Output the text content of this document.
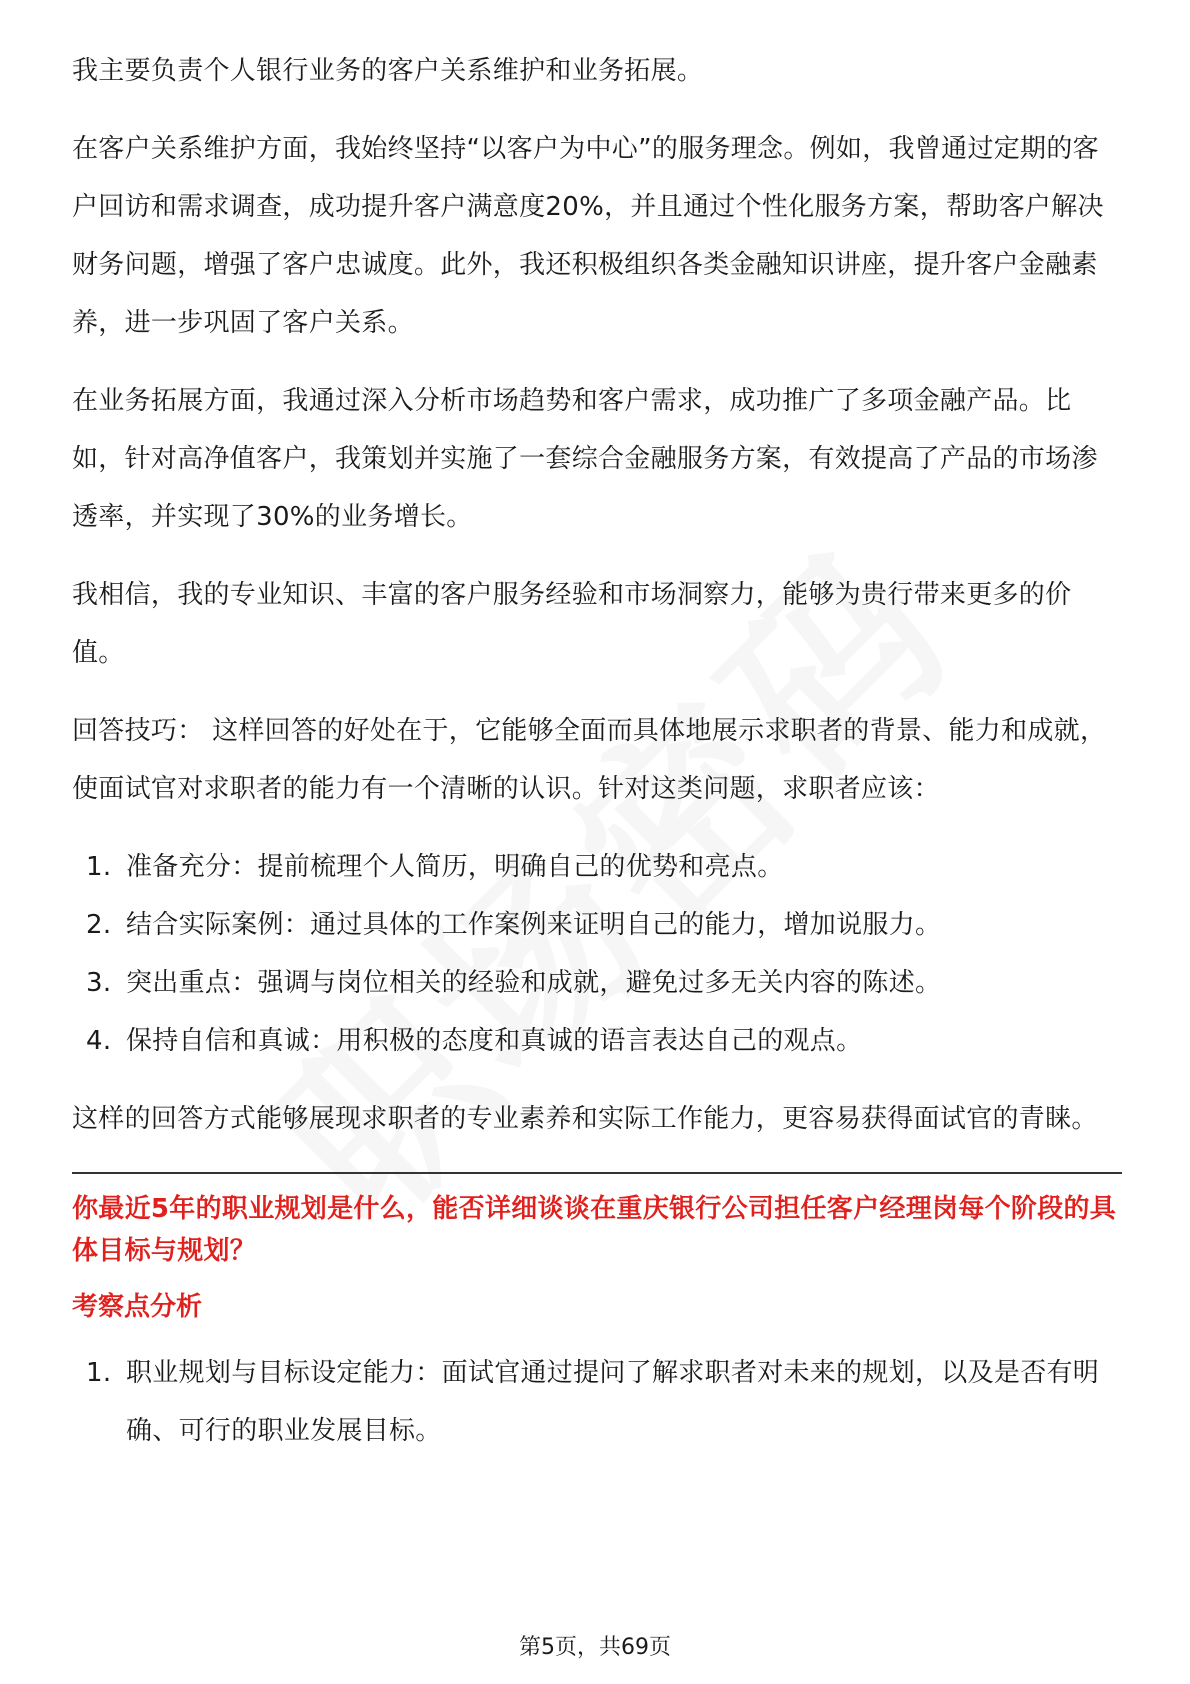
我主要负责个人银行业务的客户关系维护和业务拓展。

在客户关系维护方面，我始终坚持“以客户为中心”的服务理念。例如，我曾通过定期的客户回访和需求调查，成功提升客户满意度20%，并且通过个性化服务方案，帮助客户解决财务问题，增强了客户忠诚度。此外，我还积极组织各类金融知识讲座，提升客户金融素养，进一步巩固了客户关系。

在业务拓展方面，我通过深入分析市场趋势和客户需求，成功推广了多项金融产品。比如，针对高净值客户，我策划并实施了一套综合金融服务方案，有效提高了产品的市场渗透率，并实现了30%的业务增长。

我相信，我的专业知识、丰富的客户服务经验和市场洞察力，能够为贵行带来更多的价值。

回答技巧： 这样回答的好处在于，它能够全面而具体地展示求职者的背景、能力和成就，使面试官对求职者的能力有一个清晰的认识。针对这类问题，求职者应该：

1. 准备充分：提前梳理个人简历，明确自己的优势和亮点。
2. 结合实际案例：通过具体的工作案例来证明自己的能力，增加说服力。
3. 突出重点：强调与岗位相关的经验和成就，避免过多无关内容的陈述。
4. 保持自信和真诚：用积极的态度和真诚的语言表达自己的观点。

这样的回答方式能够展现求职者的专业素养和实际工作能力，更容易获得面试官的青睐。

你最近5年的职业规划是什么，能否详细谈谈在重庆银行公司担任客户经理岗每个阶段的具体目标与规划？

考察点分析

1. 职业规划与目标设定能力：面试官通过提问了解求职者对未来的规划，以及是否有明确、可行的职业发展目标。
第5页，共69页
